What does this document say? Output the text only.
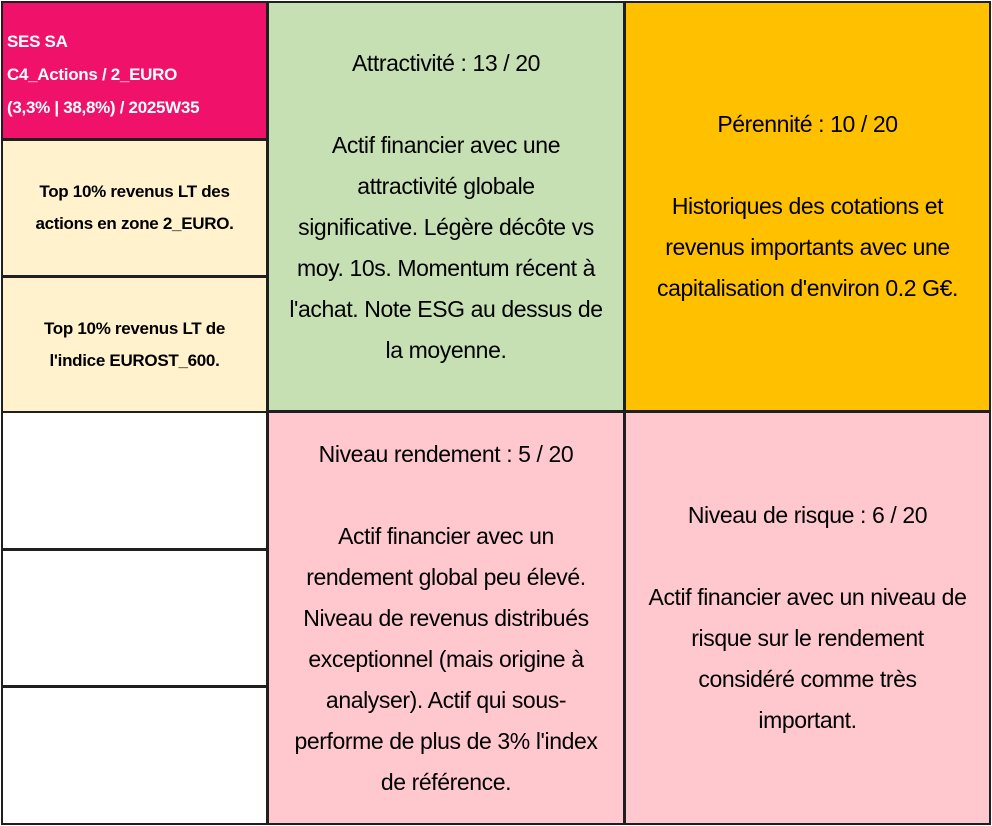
SES SA
C4_Actions / 2_EURO
(3,3% | 38,8%) / 2025W35
Top 10% revenus LT des
actions en zone 2_EURO.
Top 10% revenus LT de
l'indice EUROST_600.
Attractivité : 13 / 20
Actif financier avec une
attractivité globale
significative. Légère décôte vs
moy. 10s. Momentum récent à
l'achat. Note ESG au dessus de
la moyenne.
Pérennité : 10 / 20
Historiques des cotations et
revenus importants avec une
capitalisation d'environ 0.2 G€.
Niveau rendement : 5 / 20
Actif financier avec un
rendement global peu élevé.
Niveau de revenus distribués
exceptionnel (mais origine à
analyser). Actif qui sous-
performe de plus de 3% l'index
de référence.
Niveau de risque : 6 / 20
Actif financier avec un niveau de
risque sur le rendement
considéré comme très
important.
